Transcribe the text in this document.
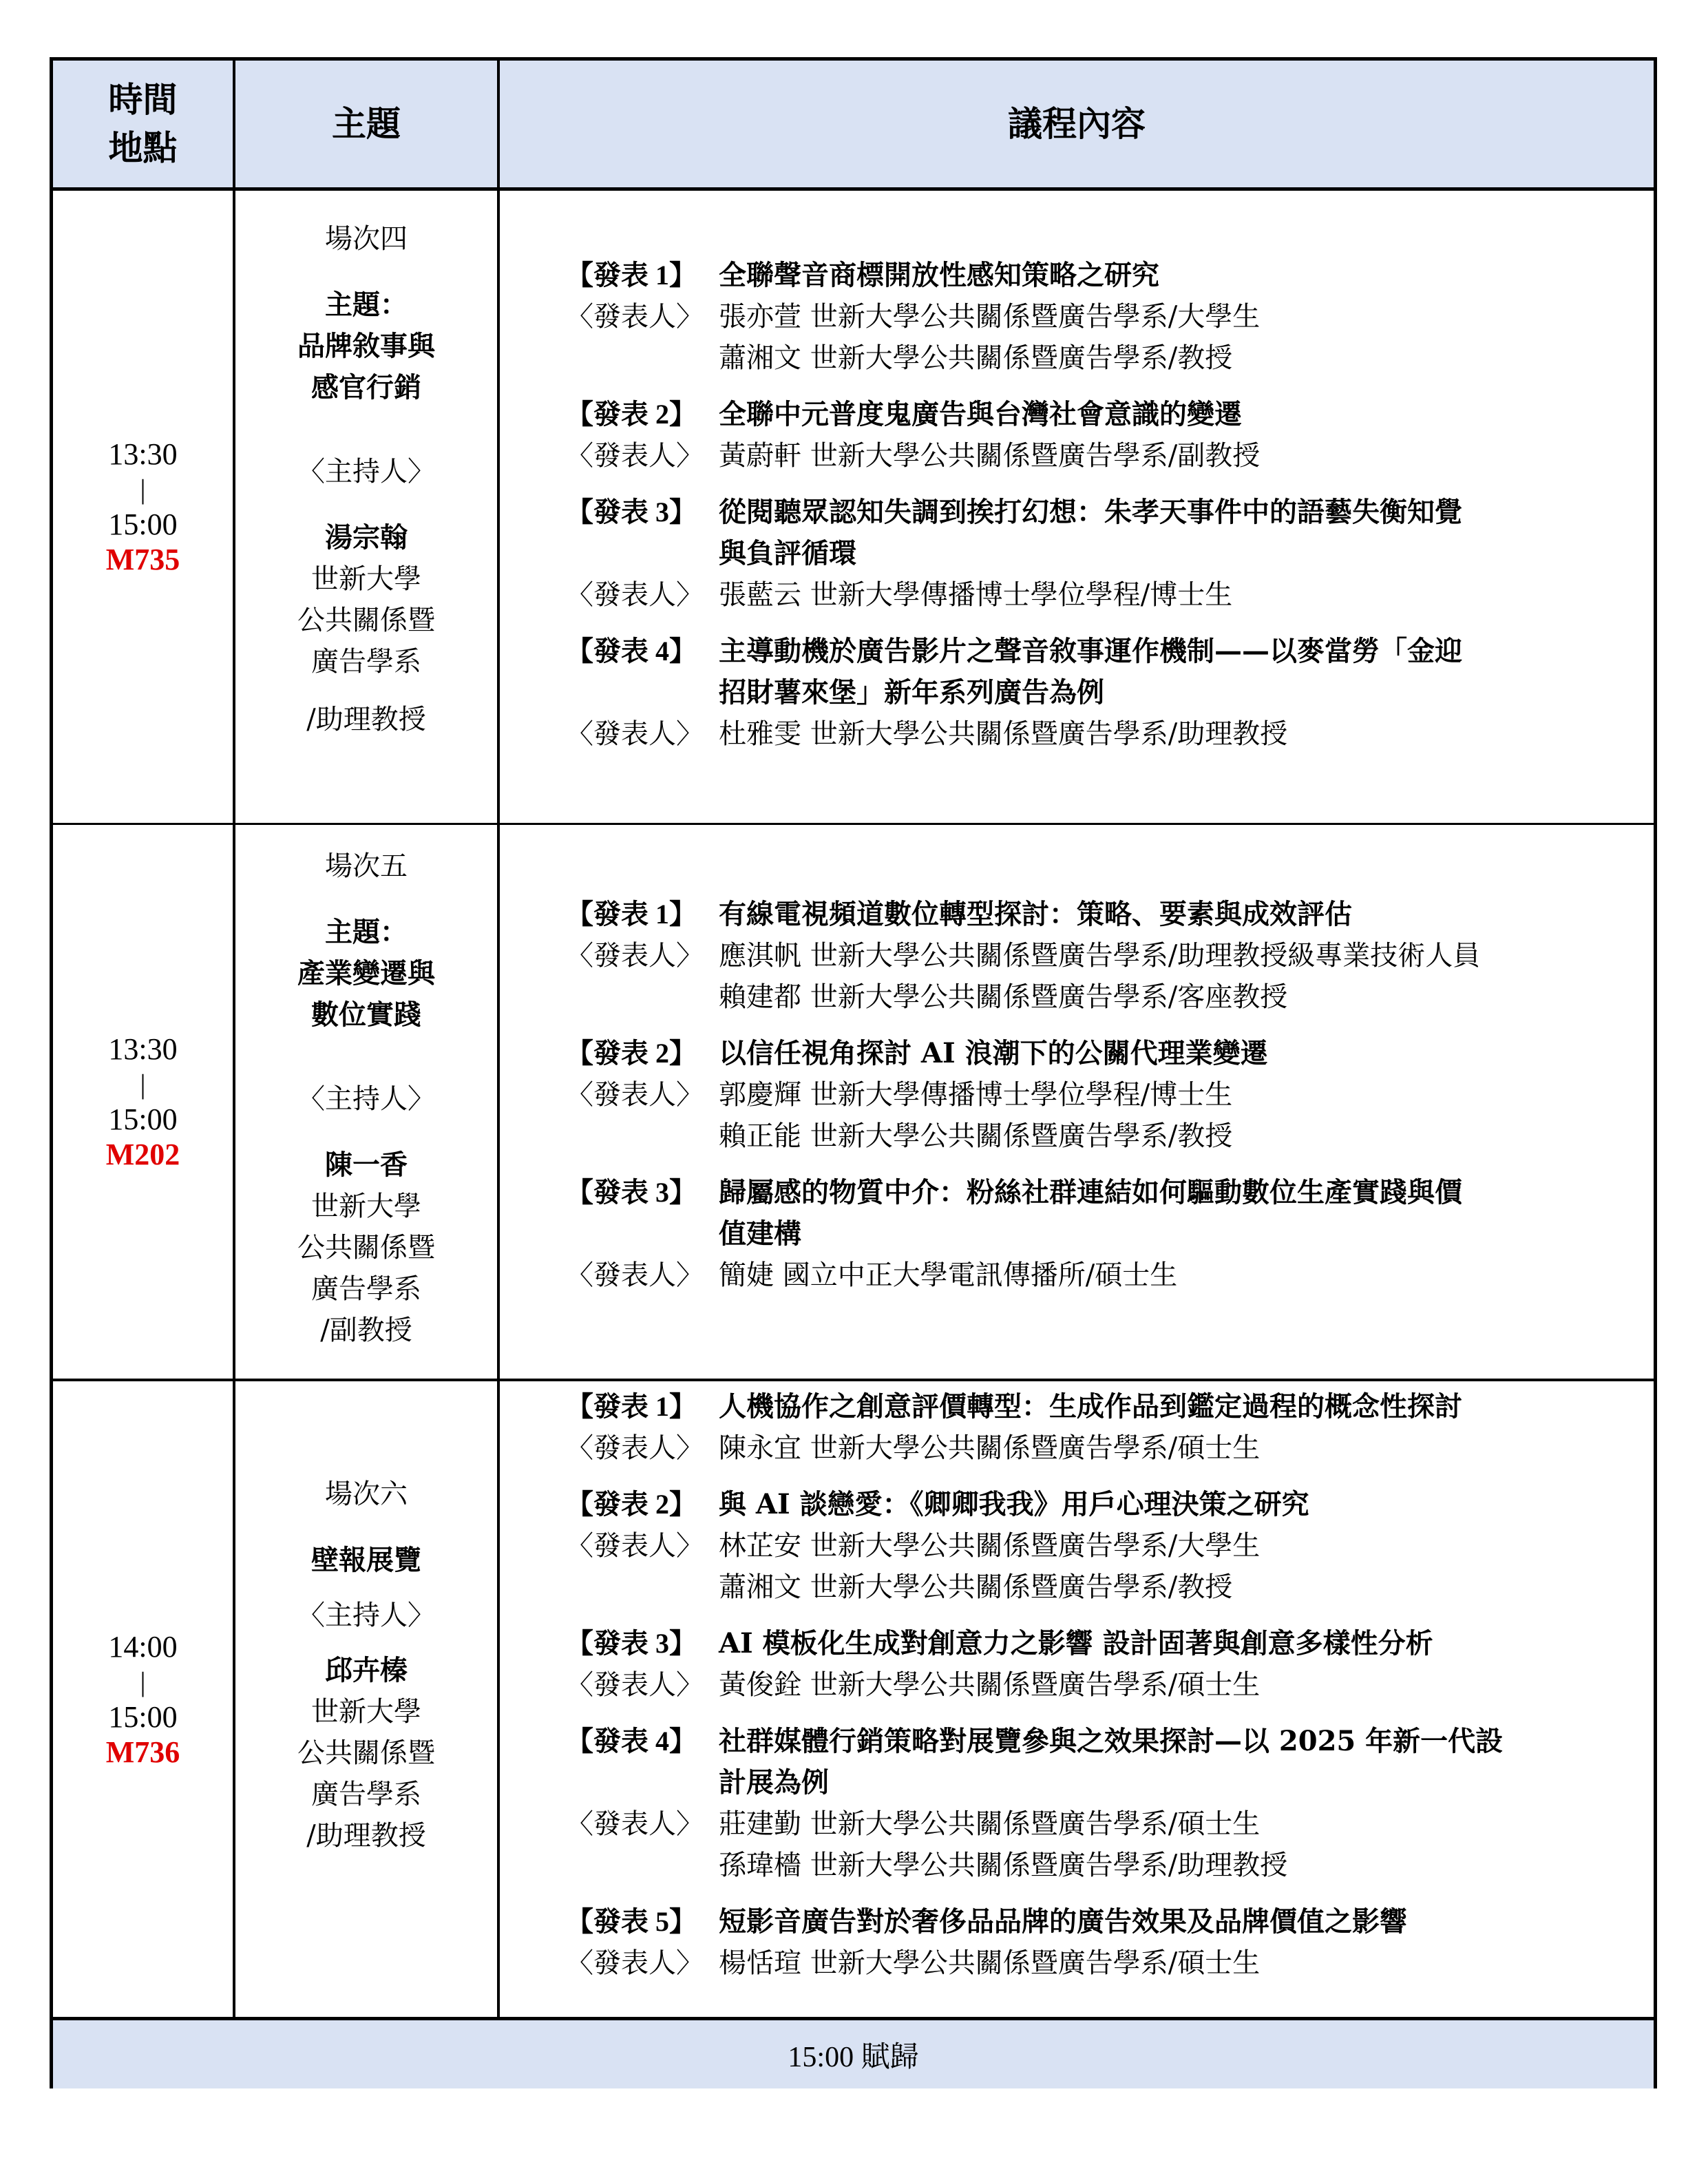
時間
地點
主題	議程內容
13:30
|
15:00
M735
場次四
主題：
品牌敘事與
感官行銷
〈主持人〉
湯宗翰
世新大學
公共關係暨
廣告學系
/助理教授
【發表 1】 全聯聲音商標開放性感知策略之研究
〈發表人〉 張亦萱 世新大學公共關係暨廣告學系/大學生
蕭湘文 世新大學公共關係暨廣告學系/教授
【發表 2】 全聯中元普度鬼廣告與台灣社會意識的變遷
〈發表人〉 黃蔚軒 世新大學公共關係暨廣告學系/副教授
【發表 3】 從閱聽眾認知失調到挨打幻想：朱孝天事件中的語藝失衡知覺
與負評循環
〈發表人〉 張藍云 世新大學傳播博士學位學程/博士生
【發表 4】 主導動機於廣告影片之聲音敘事運作機制——以麥當勞「金迎
招財薯來堡」新年系列廣告為例
〈發表人〉 杜雅雯 世新大學公共關係暨廣告學系/助理教授
13:30
|
15:00
M202
場次五
主題：
產業變遷與
數位實踐
〈主持人〉
陳一香
世新大學
公共關係暨
廣告學系
/副教授
【發表 1】 有線電視頻道數位轉型探討：策略、要素與成效評估
〈發表人〉 應淇帆 世新大學公共關係暨廣告學系/助理教授級專業技術人員
賴建都 世新大學公共關係暨廣告學系/客座教授
【發表 2】 以信任視角探討 AI 浪潮下的公關代理業變遷
〈發表人〉 郭慶輝 世新大學傳播博士學位學程/博士生
賴正能 世新大學公共關係暨廣告學系/教授
【發表 3】 歸屬感的物質中介：粉絲社群連結如何驅動數位生產實踐與價
值建構
〈發表人〉 簡婕 國立中正大學電訊傳播所/碩士生
14:00
|
15:00
M736
場次六
壁報展覽
〈主持人〉
邱卉榛
世新大學
公共關係暨
廣告學系
/助理教授
【發表 1】 人機協作之創意評價轉型：生成作品到鑑定過程的概念性探討
〈發表人〉 陳永宜 世新大學公共關係暨廣告學系/碩士生
【發表 2】 與 AI 談戀愛：《卿卿我我》用戶心理決策之研究
〈發表人〉 林芷安 世新大學公共關係暨廣告學系/大學生
蕭湘文 世新大學公共關係暨廣告學系/教授
【發表 3】 AI 模板化生成對創意力之影響 設計固著與創意多樣性分析
〈發表人〉 黃俊銓 世新大學公共關係暨廣告學系/碩士生
【發表 4】 社群媒體行銷策略對展覽參與之效果探討—以 2025 年新一代設
計展為例
〈發表人〉 莊建勤 世新大學公共關係暨廣告學系/碩士生
孫瑋檣 世新大學公共關係暨廣告學系/助理教授
【發表 5】 短影音廣告對於奢侈品品牌的廣告效果及品牌價值之影響
〈發表人〉 楊恬瑄 世新大學公共關係暨廣告學系/碩士生
15:00 賦歸
